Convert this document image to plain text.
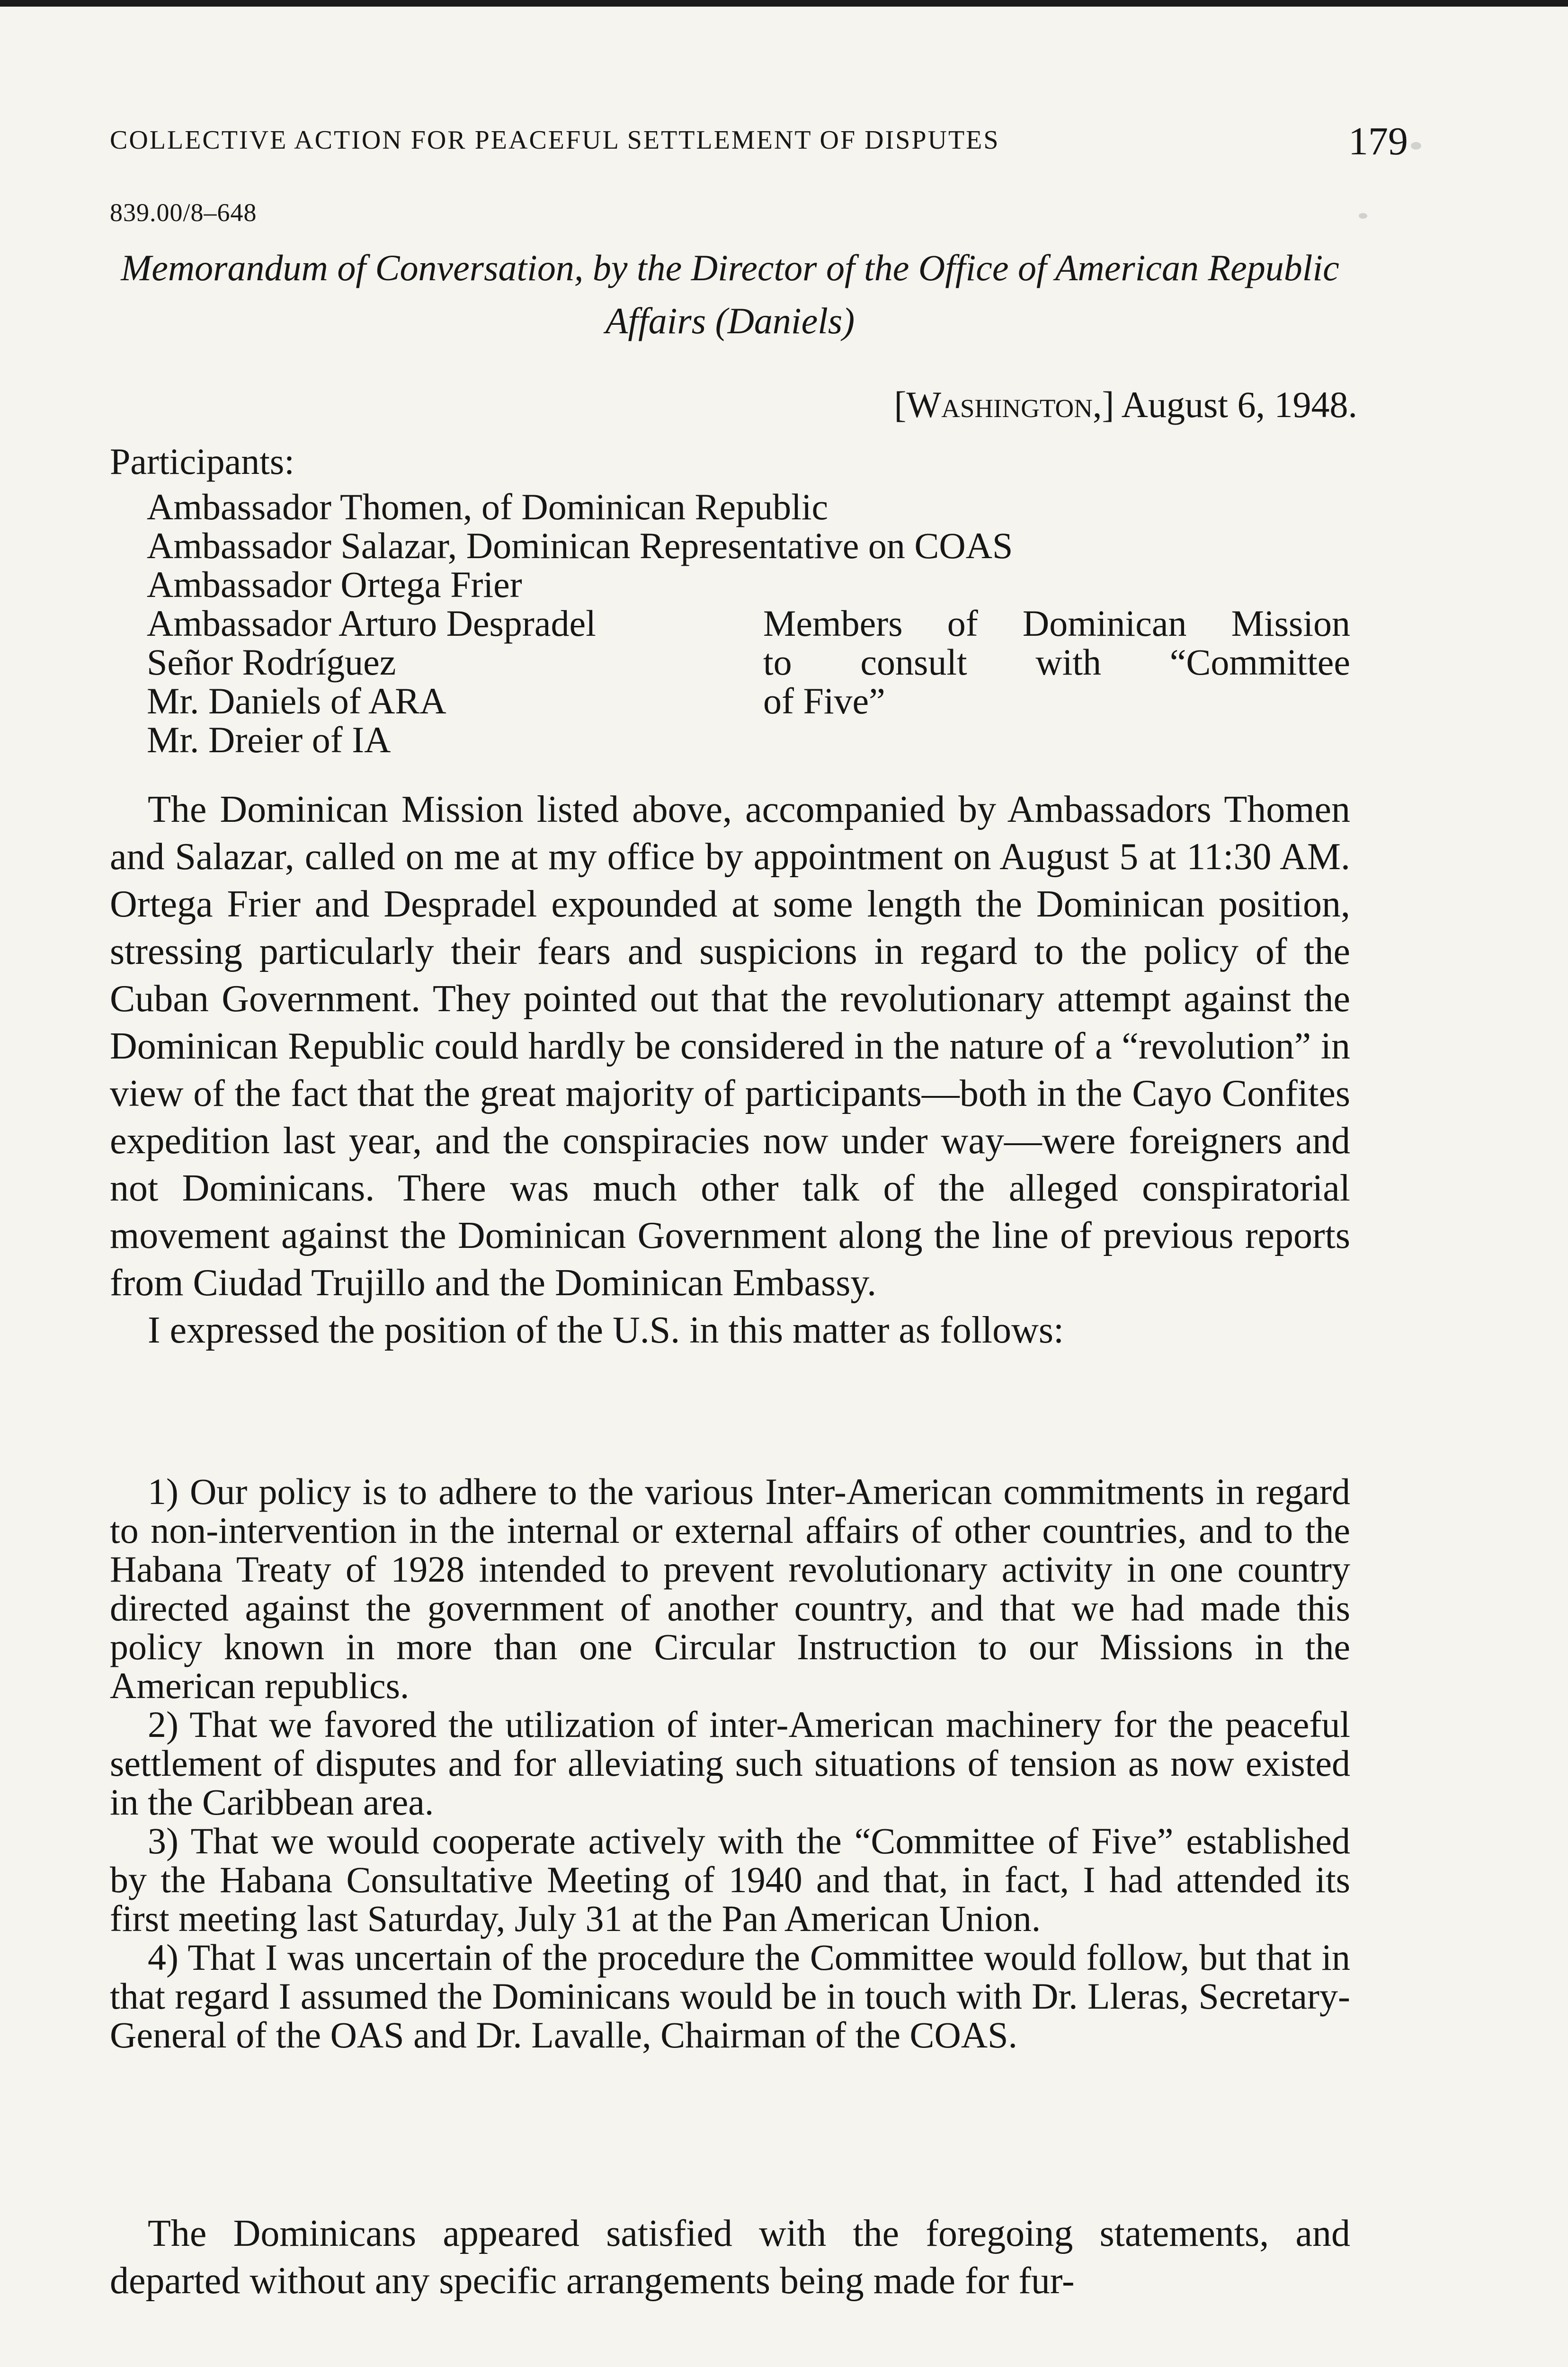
COLLECTIVE ACTION FOR PEACEFUL SETTLEMENT OF DISPUTES	179
839.00/8–648
Memorandum of Conversation, by the Director of the Office of American Republic Affairs (Daniels)
[Washington,] August 6, 1948.
Participants:
Ambassador Thomen, of Dominican Republic
Ambassador Salazar, Dominican Representative on COAS
Ambassador Ortega Frier
Ambassador Arturo Despradel
Señor Rodríguez
Mr. Daniels of ARA
Mr. Dreier of IA
Members of Dominican Mission
to consult with “Committee
of Five”

The Dominican Mission listed above, accompanied by Ambassadors Thomen and Salazar, called on me at my office by appointment on August 5 at 11:30 AM. Ortega Frier and Despradel expounded at some length the Dominican position, stressing particularly their fears and suspicions in regard to the policy of the Cuban Government. They pointed out that the revolutionary attempt against the Dominican Republic could hardly be considered in the nature of a “revolution” in view of the fact that the great majority of participants—both in the Cayo Confites expedition last year, and the conspiracies now under way—were foreigners and not Dominicans. There was much other talk of the alleged conspiratorial movement against the Dominican Government along the line of previous reports from Ciudad Trujillo and the Dominican Embassy.

I expressed the position of the U.S. in this matter as follows:

1) Our policy is to adhere to the various Inter-American commitments in regard to non-intervention in the internal or external affairs of other countries, and to the Habana Treaty of 1928 intended to prevent revolutionary activity in one country directed against the government of another country, and that we had made this policy known in more than one Circular Instruction to our Missions in the American republics.

2) That we favored the utilization of inter-American machinery for the peaceful settlement of disputes and for alleviating such situations of tension as now existed in the Caribbean area.

3) That we would cooperate actively with the “Committee of Five” established by the Habana Consultative Meeting of 1940 and that, in fact, I had attended its first meeting last Saturday, July 31 at the Pan American Union.

4) That I was uncertain of the procedure the Committee would follow, but that in that regard I assumed the Dominicans would be in touch with Dr. Lleras, Secretary-General of the OAS and Dr. Lavalle, Chairman of the COAS.

The Dominicans appeared satisfied with the foregoing statements, and departed without any specific arrangements being made for fur-
